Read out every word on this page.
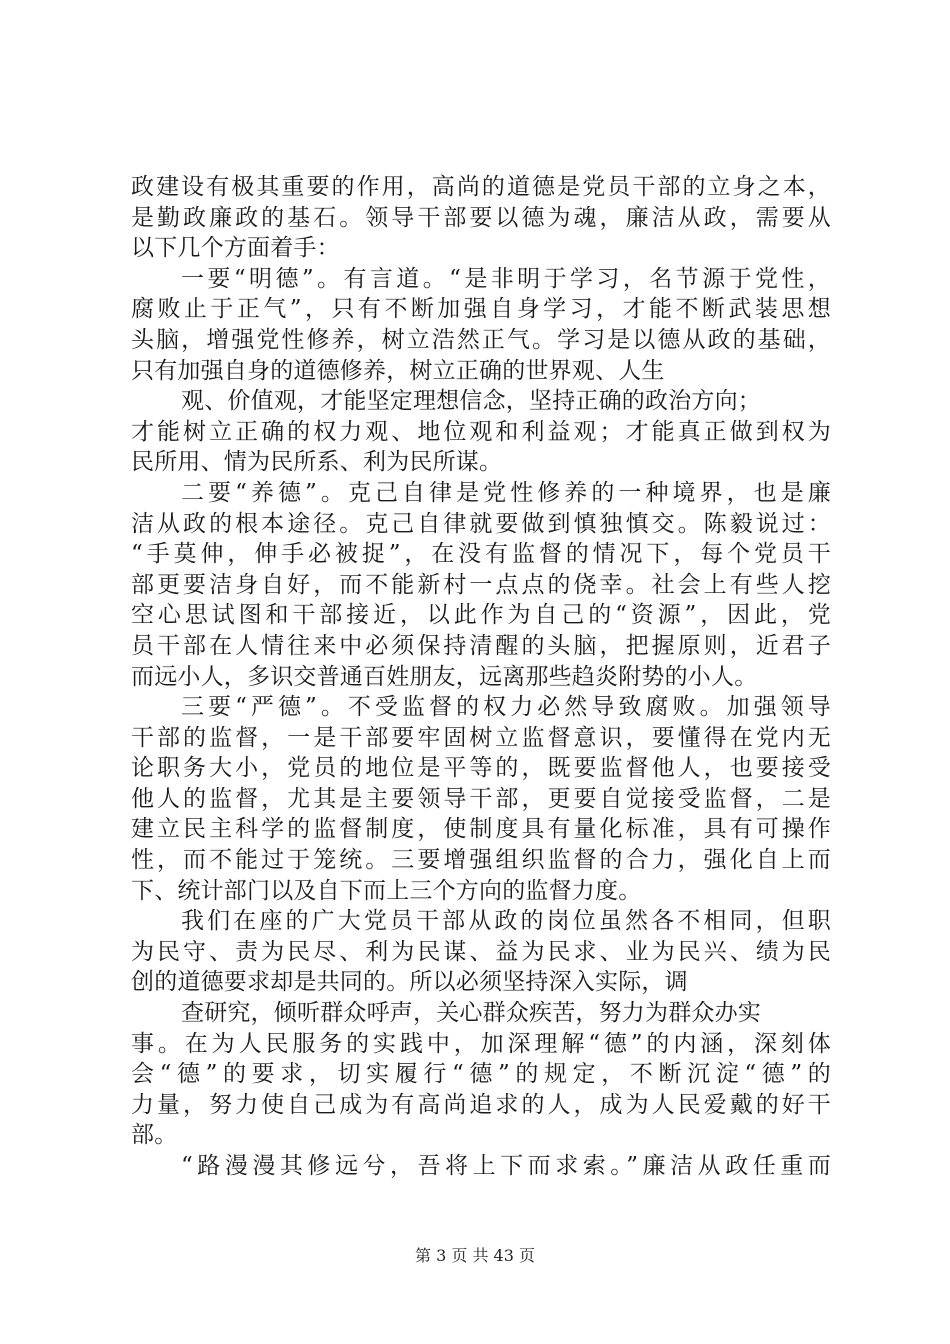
政建设有极其重要的作用，高尚的道德是党员干部的立身之本，
是勤政廉政的基石。领导干部要以德为魂，廉洁从政，需要从
以下几个方面着手：
一要“明德”。有言道。“是非明于学习，名节源于党性，
腐败止于正气”，只有不断加强自身学习，才能不断武装思想
头脑，增强党性修养，树立浩然正气。学习是以德从政的基础，
只有加强自身的道德修养，树立正确的世界观、人生
观、价值观，才能坚定理想信念，坚持正确的政治方向；
才能树立正确的权力观、地位观和利益观；才能真正做到权为
民所用、情为民所系、利为民所谋。
二要“养德”。克己自律是党性修养的一种境界，也是廉
洁从政的根本途径。克己自律就要做到慎独慎交。陈毅说过：
“手莫伸，伸手必被捉”，在没有监督的情况下，每个党员干
部更要洁身自好，而不能新村一点点的侥幸。社会上有些人挖
空心思试图和干部接近，以此作为自己的“资源”，因此，党
员干部在人情往来中必须保持清醒的头脑，把握原则，近君子
而远小人，多识交普通百姓朋友，远离那些趋炎附势的小人。
三要“严德”。不受监督的权力必然导致腐败。加强领导
干部的监督，一是干部要牢固树立监督意识，要懂得在党内无
论职务大小，党员的地位是平等的，既要监督他人，也要接受
他人的监督，尤其是主要领导干部，更要自觉接受监督，二是
建立民主科学的监督制度，使制度具有量化标准，具有可操作
性，而不能过于笼统。三要增强组织监督的合力，强化自上而
下、统计部门以及自下而上三个方向的监督力度。
我们在座的广大党员干部从政的岗位虽然各不相同，但职
为民守、责为民尽、利为民谋、益为民求、业为民兴、绩为民
创的道德要求却是共同的。所以必须坚持深入实际，调
查研究，倾听群众呼声，关心群众疾苦，努力为群众办实
事。在为人民服务的实践中，加深理解“德”的内涵，深刻体
会“德”的要求，切实履行“德”的规定，不断沉淀“德”的
力量，努力使自己成为有高尚追求的人，成为人民爱戴的好干
部。
“路漫漫其修远兮，吾将上下而求索。”廉洁从政任重而
第 3 页 共 43 页
